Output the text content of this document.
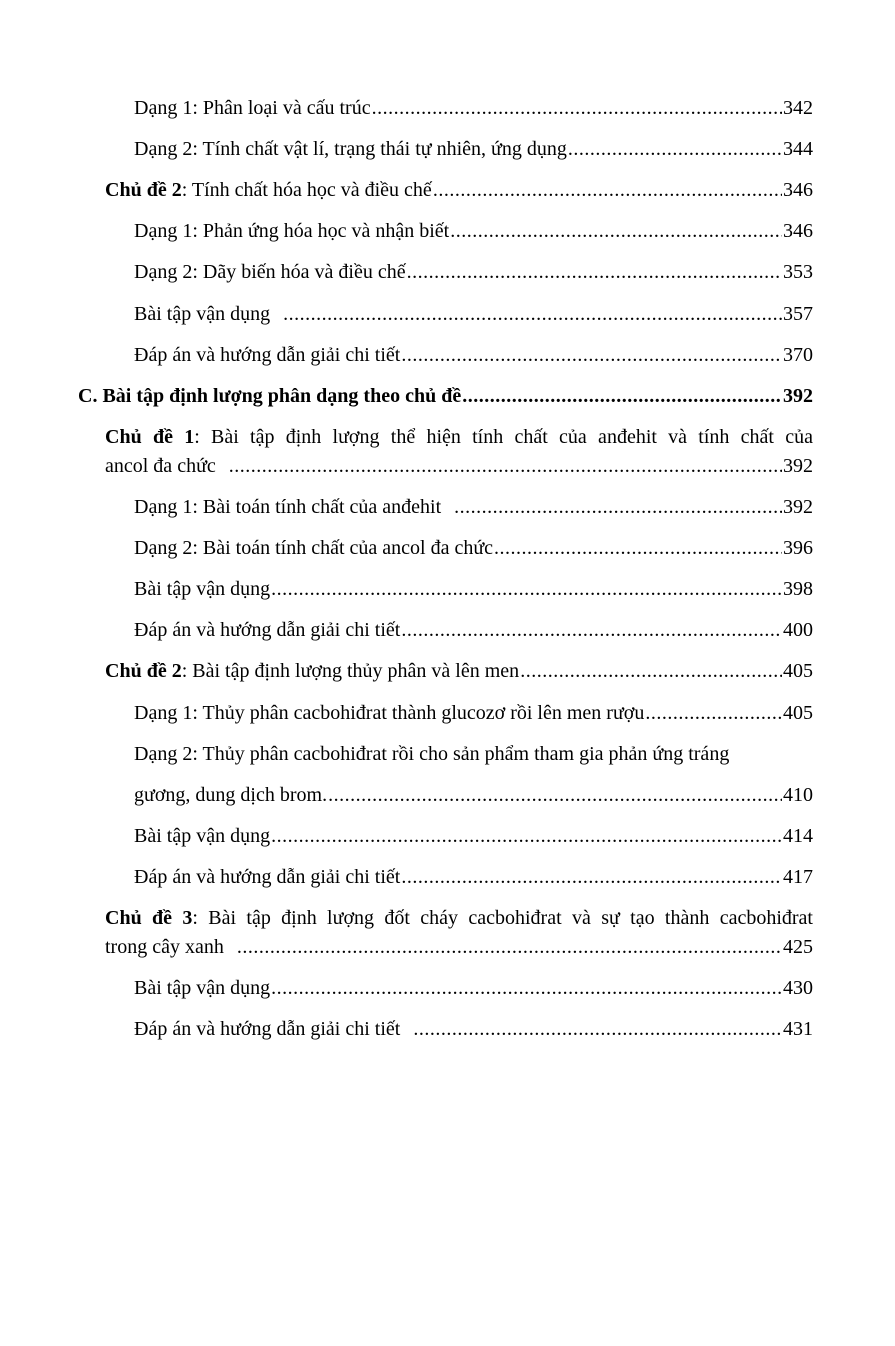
Dạng 1: Phân loại và cấu trúc .....	342
Dạng 2: Tính chất vật lí, trạng thái tự nhiên, ứng dụng .....	344
Chủ đề 2 : Tính chất hóa học và điều chế .....	346
Dạng 1: Phản ứng hóa học và nhận biết .....	346
Dạng 2: Dãy biến hóa và điều chế .....	353
Bài tập vận dụng .....	357
Đáp án và hướng dẫn giải chi tiết .....	370
C. Bài tập định lượng phân dạng theo chủ đề .....	392
Chủ đề 1: Bài tập định lượng thể hiện tính chất của anđehit và tính chất của
ancol đa chức .....	392
Dạng 1: Bài toán tính chất của anđehit .....	392
Dạng 2: Bài toán tính chất của ancol đa chức .....	396
Bài tập vận dụng .....	398
Đáp án và hướng dẫn giải chi tiết .....	400
Chủ đề 2 : Bài tập định lượng thủy phân và lên men .....	405
Dạng 1: Thủy phân cacbohiđrat thành glucozơ rồi lên men rượu .....	405
Dạng 2: Thủy phân cacbohiđrat rồi cho sản phẩm tham gia phản ứng tráng
gương, dung dịch brom. .....	410
Bài tập vận dụng .....	414
Đáp án và hướng dẫn giải chi tiết .....	417
Chủ đề 3: Bài tập định lượng đốt cháy cacbohiđrat và sự tạo thành cacbohiđrat
trong cây xanh .....	425
Bài tập vận dụng .....	430
Đáp án và hướng dẫn giải chi tiết .....	431
